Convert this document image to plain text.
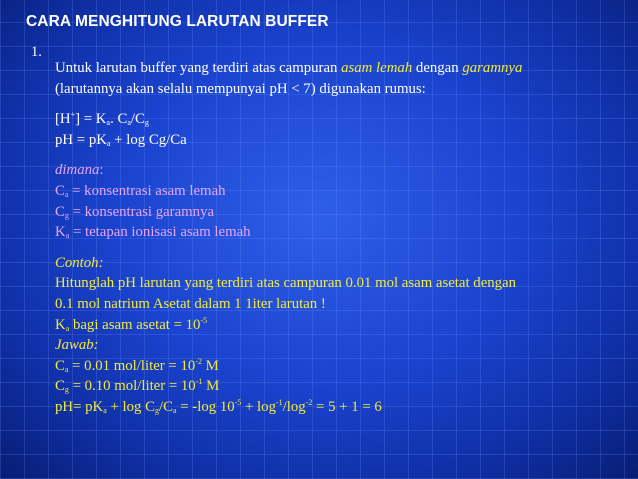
CARA MENGHITUNG LARUTAN BUFFER
1.
Untuk larutan buffer yang terdiri atas campuran asam lemah dengan garamnya
(larutannya akan selalu mempunyai pH < 7) digunakan rumus:
$[H^+] = K_a$. $C_a/C_g$
pH = $pK_a + \log Cg/Ca$
dimana:
$C_a$ = konsentrasi asam lemah
$C_g$ = konsentrasi garamnya
$K_a$ = tetapan ionisasi asam lemah
Contoh:
Hitunglah pH larutan yang terdiri atas campuran 0.01 mol asam asetat dengan
0.1 mol natrium Asetat dalam 1 1iter larutan !
$K_a$ bagi asam asetat = $10^{-5}$
Jawab:
$C_a = 0.01$ mol/liter = $10^{-2}$ M
$C_g = 0.10$ mol/liter = $10^{-1}$ M
$pH= pK_a + \log C_g/C_a = -\log$ $10^{-5} + \log^{-1}/\log^{-2} = 5 + 1 = 6$
